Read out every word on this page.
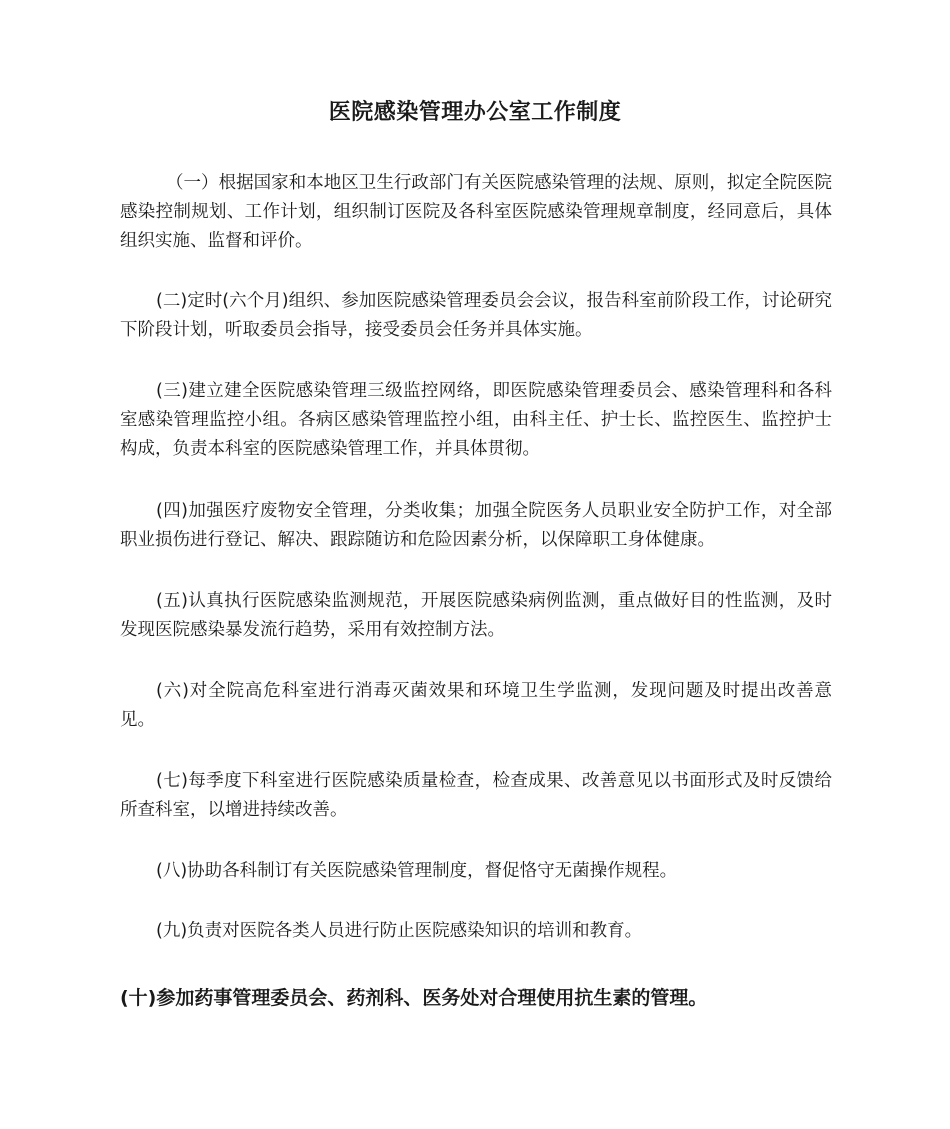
医院感染管理办公室工作制度
（一）根据国家和本地区卫生行政部门有关医院感染管理的法规、原则，拟定全院医院感染控制规划、工作计划，组织制订医院及各科室医院感染管理规章制度，经同意后，具体组织实施、监督和评价。
(二)定时(六个月)组织、参加医院感染管理委员会会议，报告科室前阶段工作，讨论研究下阶段计划，听取委员会指导，接受委员会任务并具体实施。
(三)建立建全医院感染管理三级监控网络，即医院感染管理委员会、感染管理科和各科室感染管理监控小组。各病区感染管理监控小组，由科主任、护士长、监控医生、监控护士构成，负责本科室的医院感染管理工作，并具体贯彻。
(四)加强医疗废物安全管理，分类收集；加强全院医务人员职业安全防护工作，对全部职业损伤进行登记、解决、跟踪随访和危险因素分析，以保障职工身体健康。
(五)认真执行医院感染监测规范，开展医院感染病例监测，重点做好目的性监测，及时发现医院感染暴发流行趋势，采用有效控制方法。
(六)对全院高危科室进行消毒灭菌效果和环境卫生学监测，发现问题及时提出改善意见。
(七)每季度下科室进行医院感染质量检查，检查成果、改善意见以书面形式及时反馈给所查科室，以增进持续改善。
(八)协助各科制订有关医院感染管理制度，督促恪守无菌操作规程。
(九)负责对医院各类人员进行防止医院感染知识的培训和教育。
(十)参加药事管理委员会、药剂科、医务处对合理使用抗生素的管理。
